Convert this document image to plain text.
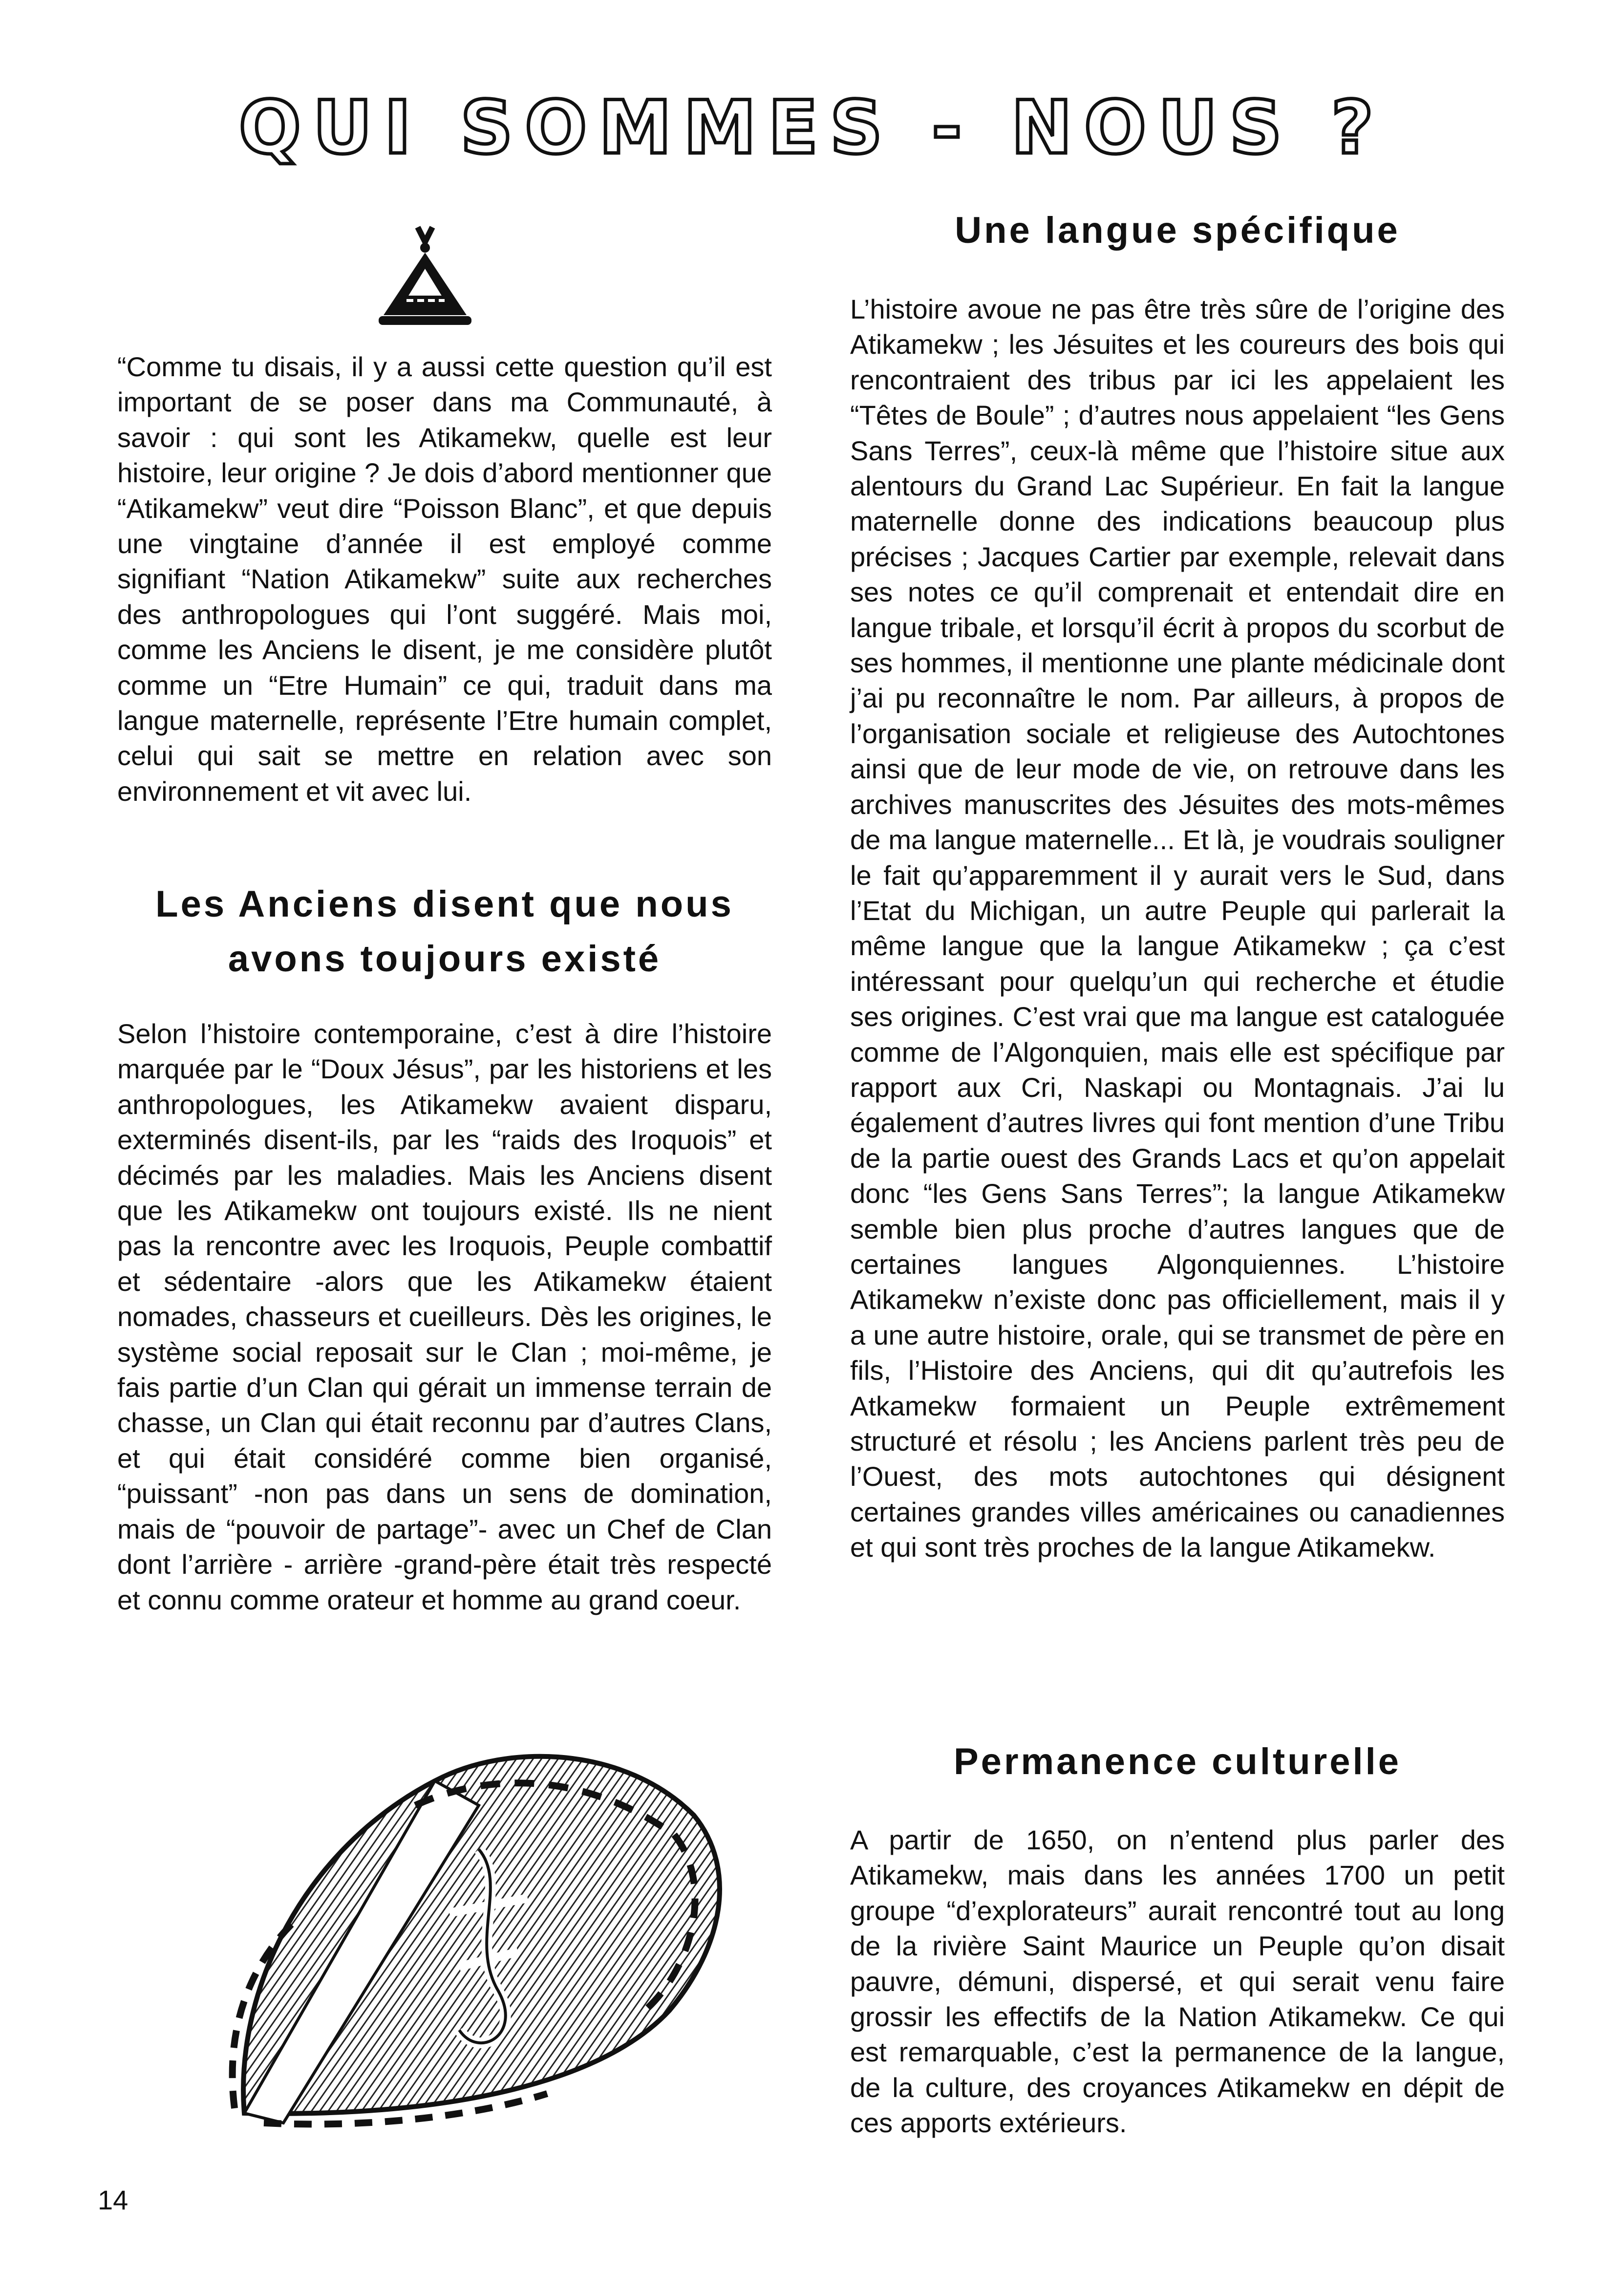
QUI SOMMES - NOUS ?

“Comme tu disais, il y a aussi cette question qu’il est important de se poser dans ma Communauté, à savoir : qui sont les Atikamekw, quelle est leur histoire, leur origine ? Je dois d’abord mentionner que “Atikamekw” veut dire “Poisson Blanc”, et que depuis une vingtaine d’année il est employé comme signifiant “Nation Atikamekw” suite aux recherches des anthropologues qui l’ont suggéré. Mais moi, comme les Anciens le disent, je me considère plutôt comme un “Etre Humain” ce qui, traduit dans ma langue maternelle, représente l’Etre humain complet, celui qui sait se mettre en relation avec son environnement et vit avec lui.

Les Anciens disent que nous avons toujours existé

Selon l’histoire contemporaine, c’est à dire l’histoire marquée par le “Doux Jésus”, par les historiens et les anthropologues, les Atikamekw avaient disparu, exterminés disent-ils, par les “raids des Iroquois” et décimés par les maladies. Mais les Anciens disent que les Atikamekw ont toujours existé. Ils ne nient pas la rencontre avec les Iroquois, Peuple combattif et sédentaire -alors que les Atikamekw étaient nomades, chasseurs et cueilleurs. Dès les origines, le système social reposait sur le Clan ; moi-même, je fais partie d’un Clan qui gérait un immense terrain de chasse, un Clan qui était reconnu par d’autres Clans, et qui était considéré comme bien organisé, “puissant” -non pas dans un sens de domination, mais de “pouvoir de partage”- avec un Chef de Clan dont l’arrière - arrière -grand-père était très respecté et connu comme orateur et homme au grand coeur.

Une langue spécifique

L’histoire avoue ne pas être très sûre de l’origine des Atikamekw ; les Jésuites et les coureurs des bois qui rencontraient des tribus par ici les appelaient les “Têtes de Boule” ; d’autres nous appelaient “les Gens Sans Terres”, ceux-là même que l’histoire situe aux alentours du Grand Lac Supérieur. En fait la langue maternelle donne des indications beaucoup plus précises ; Jacques Cartier par exemple, relevait dans ses notes ce qu’il comprenait et entendait dire en langue tribale, et lorsqu’il écrit à propos du scorbut de ses hommes, il mentionne une plante médicinale dont j’ai pu reconnaître le nom. Par ailleurs, à propos de l’organisation sociale et religieuse des Autochtones ainsi que de leur mode de vie, on retrouve dans les archives manuscrites des Jésuites des mots-mêmes de ma langue maternelle... Et là, je voudrais souligner le fait qu’apparemment il y aurait vers le Sud, dans l’Etat du Michigan, un autre Peuple qui parlerait la même langue que la langue Atikamekw ; ça c’est intéressant pour quelqu’un qui recherche et étudie ses origines. C’est vrai que ma langue est cataloguée comme de l’Algonquien, mais elle est spécifique par rapport aux Cri, Naskapi ou Montagnais. J’ai lu également d’autres livres qui font mention d’une Tribu de la partie ouest des Grands Lacs et qu’on appelait donc “les Gens Sans Terres”; la langue Atikamekw semble bien plus proche d’autres langues que de certaines langues Algonquiennes. L’histoire Atikamekw n’existe donc pas officiellement, mais il y a une autre histoire, orale, qui se transmet de père en fils, l’Histoire des Anciens, qui dit qu’autrefois les Atkamekw formaient un Peuple extrêmement structuré et résolu ; les Anciens parlent très peu de l’Ouest, des mots autochtones qui désignent certaines grandes villes américaines ou canadiennes et qui sont très proches de la langue Atikamekw.

Permanence culturelle

A partir de 1650, on n’entend plus parler des Atikamekw, mais dans les années 1700 un petit groupe “d’explorateurs” aurait rencontré tout au long de la rivière Saint Maurice un Peuple qu’on disait pauvre, démuni, dispersé, et qui serait venu faire grossir les effectifs de la Nation Atikamekw. Ce qui est remarquable, c’est la permanence de la langue, de la culture, des croyances Atikamekw en dépit de ces apports extérieurs.

14
